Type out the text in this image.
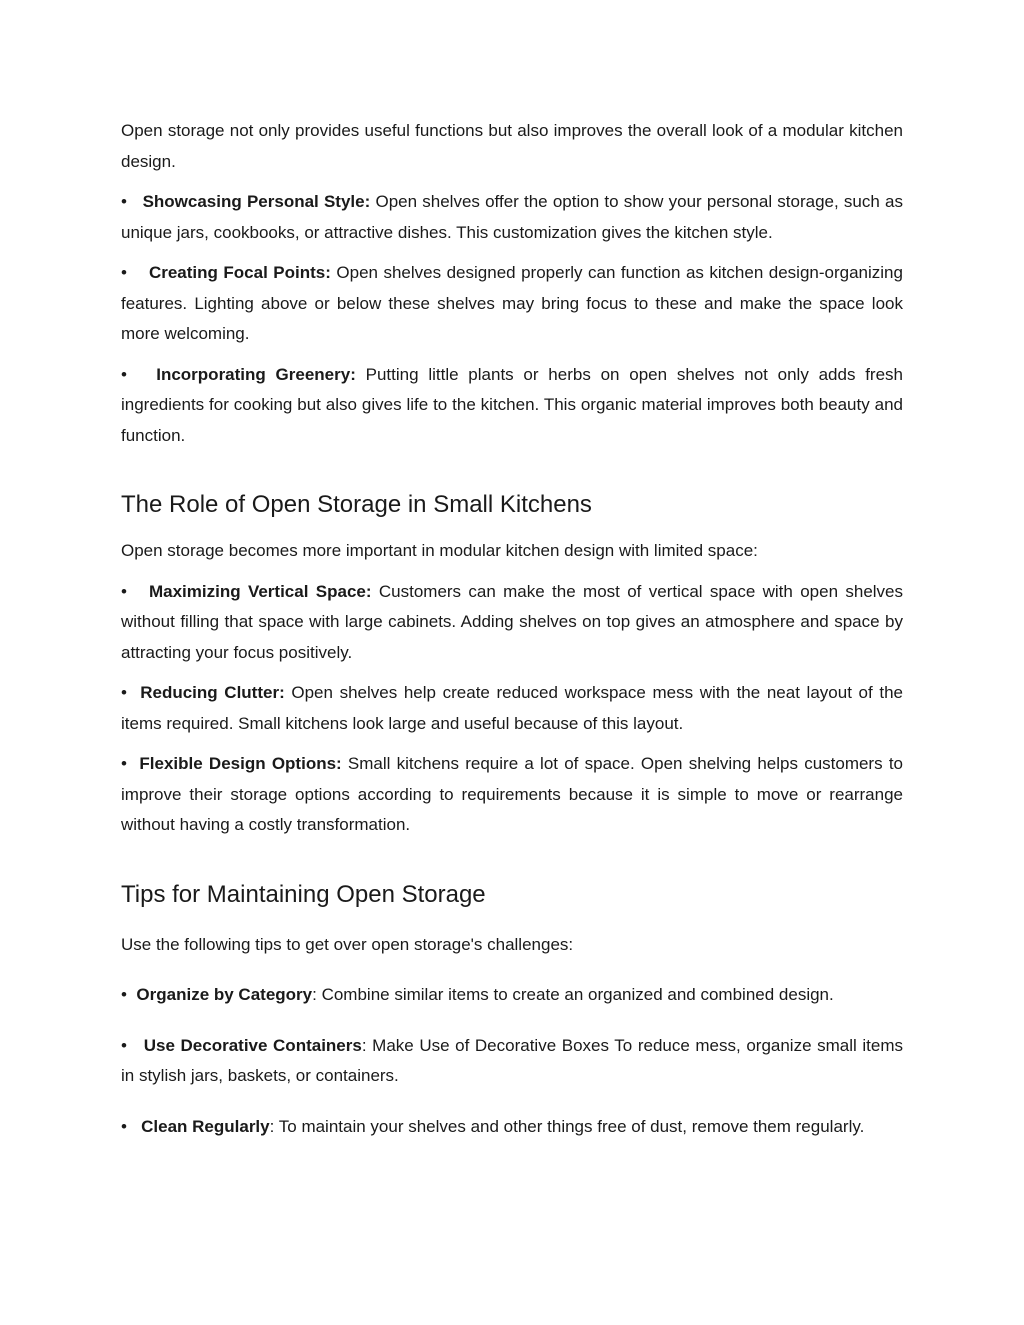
Open storage not only provides useful functions but also improves the overall look of a modular kitchen design.

• Showcasing Personal Style: Open shelves offer the option to show your personal storage, such as unique jars, cookbooks, or attractive dishes. This customization gives the kitchen style.

• Creating Focal Points: Open shelves designed properly can function as kitchen design-organizing features. Lighting above or below these shelves may bring focus to these and make the space look more welcoming.

• Incorporating Greenery: Putting little plants or herbs on open shelves not only adds fresh ingredients for cooking but also gives life to the kitchen. This organic material improves both beauty and function.

The Role of Open Storage in Small Kitchens

Open storage becomes more important in modular kitchen design with limited space:

• Maximizing Vertical Space: Customers can make the most of vertical space with open shelves without filling that space with large cabinets. Adding shelves on top gives an atmosphere and space by attracting your focus positively.

• Reducing Clutter: Open shelves help create reduced workspace mess with the neat layout of the items required. Small kitchens look large and useful because of this layout.

• Flexible Design Options: Small kitchens require a lot of space. Open shelving helps customers to improve their storage options according to requirements because it is simple to move or rearrange without having a costly transformation.

Tips for Maintaining Open Storage

Use the following tips to get over open storage's challenges:

• Organize by Category: Combine similar items to create an organized and combined design.

• Use Decorative Containers: Make Use of Decorative Boxes To reduce mess, organize small items in stylish jars, baskets, or containers.

• Clean Regularly: To maintain your shelves and other things free of dust, remove them regularly.
